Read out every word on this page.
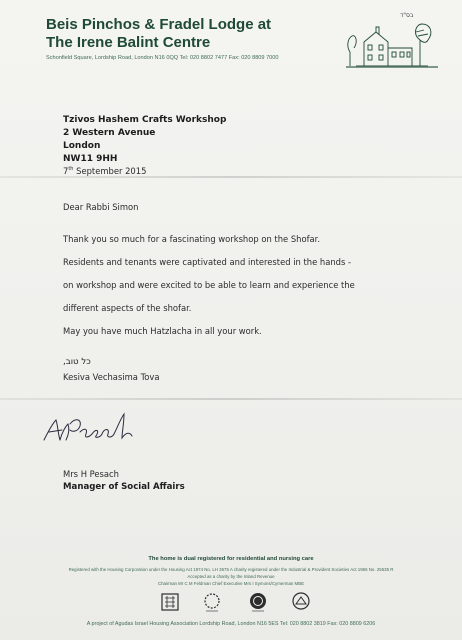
בס"ד
Beis Pinchos & Fradel Lodge at
The Irene Balint Centre
Schonfield Square, Lordship Road, London N16 0QQ Tel: 020 8802 7477 Fax: 020 8809 7000
Tzivos Hashem Crafts Workshop
2 Western Avenue
London
NW11 9HH
7th September 2015
Dear Rabbi Simon
Thank you so much for a fascinating workshop on the Shofar.
Residents and tenants were captivated and interested in the hands -
on workshop and were excited to be able to learn and experience the
different aspects of the shofar.
May you have much Hatzlacha in all your work.
כל טוב,
Kesiva Vechasima Tova
Mrs H Pesach
Manager of Social Affairs
The home is dual registered for residential and nursing care
Registered with the Housing Corporation under the Housing Act 1974 No. LH 3675 A charity registered under the Industrial & Provident Societies Act 1965 No. 25535 R
Accepted as a charity by the Inland Revenue
Chairman Mr C M Feldman Chief Executive Mrs I Symons/Cymerman MBE
A project of Agudas Israel Housing Association Lordship Road, London N16 5ES Tel: 020 8802 3819 Fax: 020 8809 6206
